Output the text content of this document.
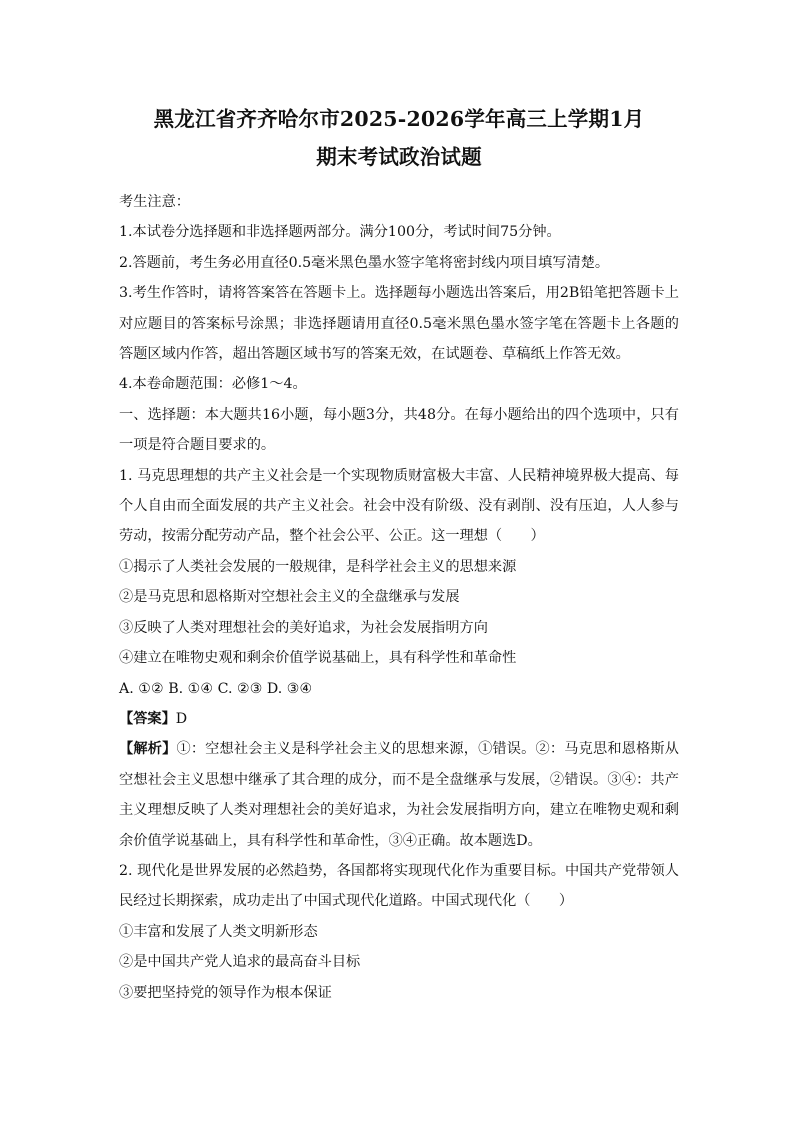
黑龙江省齐齐哈尔市2025-2026学年高三上学期1月
期末考试政治试题
考生注意：
1.本试卷分选择题和非选择题两部分。满分100分，考试时间75分钟。
2.答题前，考生务必用直径0.5毫米黑色墨水签字笔将密封线内项目填写清楚。
3.考生作答时，请将答案答在答题卡上。选择题每小题选出答案后，用2B铅笔把答题卡上对应题目的答案标号涂黑；非选择题请用直径0.5毫米黑色墨水签字笔在答题卡上各题的答题区域内作答，超出答题区域书写的答案无效，在试题卷、草稿纸上作答无效。
4.本卷命题范围：必修1～4。
一、选择题：本大题共16小题，每小题3分，共48分。在每小题给出的四个选项中，只有一项是符合题目要求的。
1. 马克思理想的共产主义社会是一个实现物质财富极大丰富、人民精神境界极大提高、每个人自由而全面发展的共产主义社会。社会中没有阶级、没有剥削、没有压迫，人人参与劳动，按需分配劳动产品，整个社会公平、公正。这一理想（　　）
①揭示了人类社会发展的一般规律，是科学社会主义的思想来源
②是马克思和恩格斯对空想社会主义的全盘继承与发展
③反映了人类对理想社会的美好追求，为社会发展指明方向
④建立在唯物史观和剩余价值学说基础上，具有科学性和革命性
A. ①② B. ①④ C. ②③ D. ③④
【答案】D
【解析】①：空想社会主义是科学社会主义的思想来源，①错误。②：马克思和恩格斯从空想社会主义思想中继承了其合理的成分，而不是全盘继承与发展，②错误。③④：共产主义理想反映了人类对理想社会的美好追求，为社会发展指明方向，建立在唯物史观和剩余价值学说基础上，具有科学性和革命性，③④正确。故本题选D。
2. 现代化是世界发展的必然趋势，各国都将实现现代化作为重要目标。中国共产党带领人民经过长期探索，成功走出了中国式现代化道路。中国式现代化（　　）
①丰富和发展了人类文明新形态
②是中国共产党人追求的最高奋斗目标
③要把坚持党的领导作为根本保证
